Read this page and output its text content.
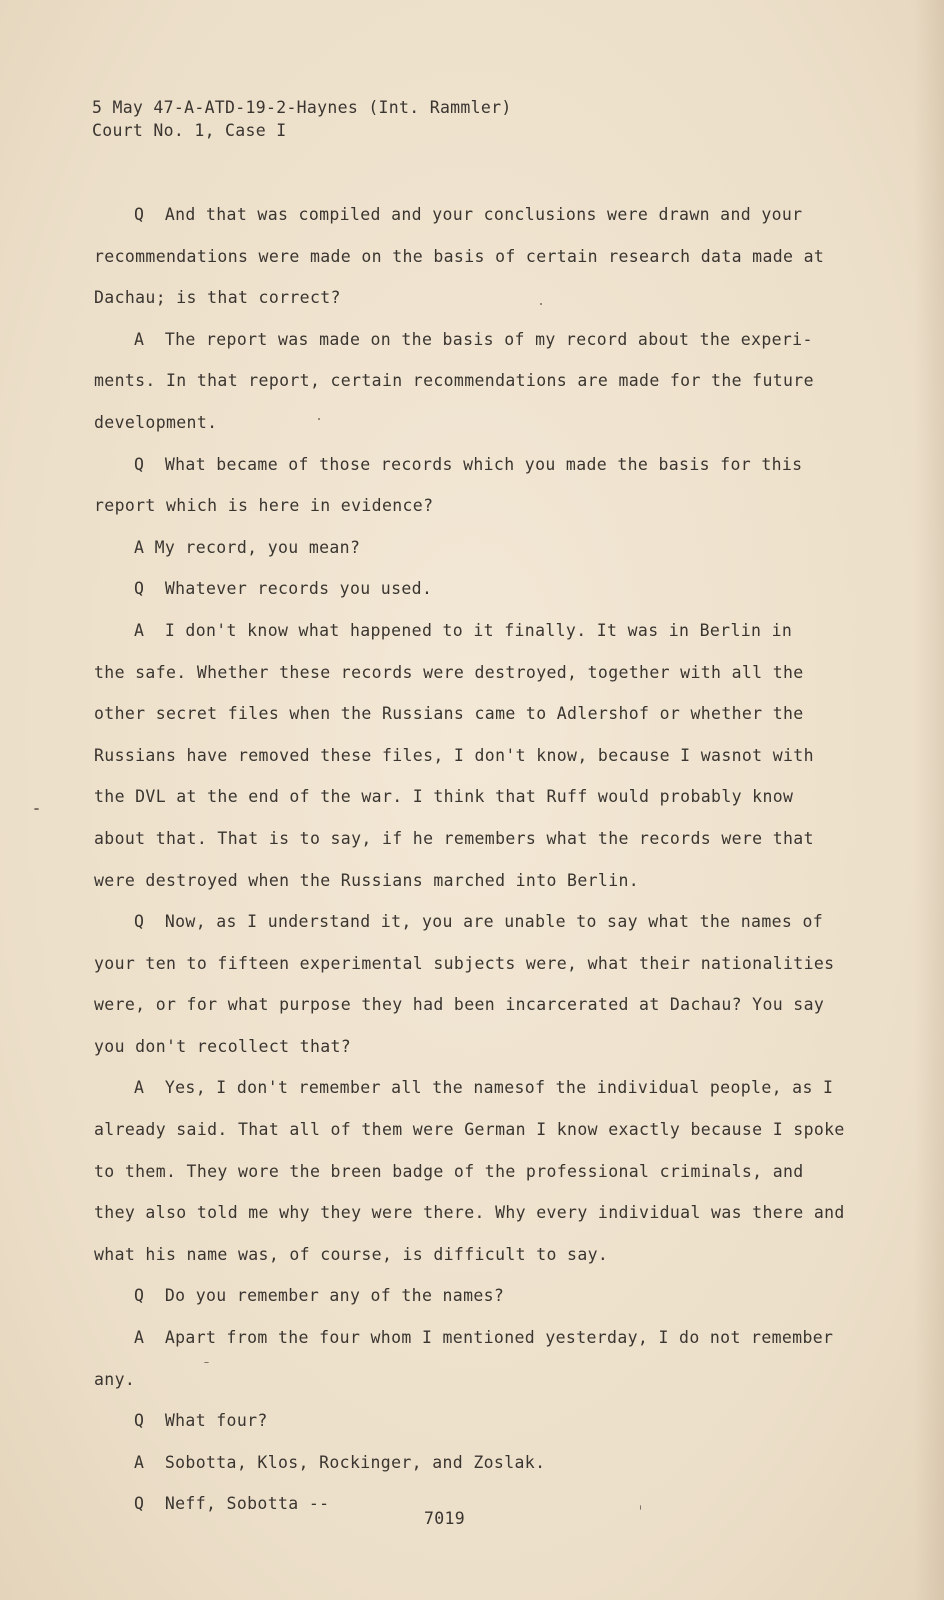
5 May 47-A-ATD-19-2-Haynes (Int. Rammler)
Court No. 1, Case I
Q  And that was compiled and your conclusions were drawn and your
recommendations were made on the basis of certain research data made at
Dachau; is that correct?
A  The report was made on the basis of my record about the experi-
ments. In that report, certain recommendations are made for the future
development.
Q  What became of those records which you made the basis for this
report which is here in evidence?
A My record, you mean?
Q  Whatever records you used.
A  I don't know what happened to it finally. It was in Berlin in
the safe. Whether these records were destroyed, together with all the
other secret files when the Russians came to Adlershof or whether the
Russians have removed these files, I don't know, because I wasnot with
the DVL at the end of the war. I think that Ruff would probably know
about that. That is to say, if he remembers what the records were that
were destroyed when the Russians marched into Berlin.
Q  Now, as I understand it, you are unable to say what the names of
your ten to fifteen experimental subjects were, what their nationalities
were, or for what purpose they had been incarcerated at Dachau? You say
you don't recollect that?
A  Yes, I don't remember all the namesof the individual people, as I
already said. That all of them were German I know exactly because I spoke
to them. They wore the breen badge of the professional criminals, and
they also told me why they were there. Why every individual was there and
what his name was, of course, is difficult to say.
Q  Do you remember any of the names?
A  Apart from the four whom I mentioned yesterday, I do not remember
any.
Q  What four?
A  Sobotta, Klos, Rockinger, and Zoslak.
Q  Neff, Sobotta --
7019
